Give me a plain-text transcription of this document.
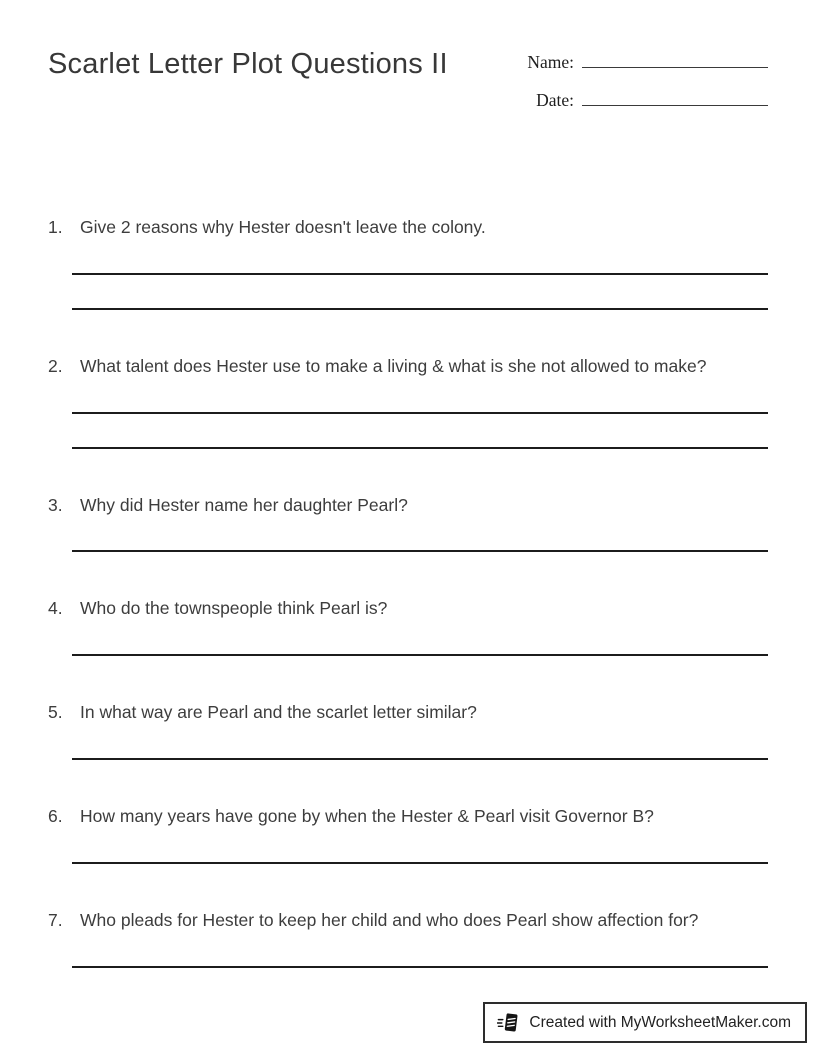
Scarlet Letter Plot Questions II	Name:
Date:
1. Give 2 reasons why Hester doesn't leave the colony.
2. What talent does Hester use to make a living & what is she not allowed to make?
3. Why did Hester name her daughter Pearl?
4. Who do the townspeople think Pearl is?
5. In what way are Pearl and the scarlet letter similar?
6. How many years have gone by when the Hester & Pearl visit Governor B?
7. Who pleads for Hester to keep her child and who does Pearl show affection for?
Created with MyWorksheetMaker.com
